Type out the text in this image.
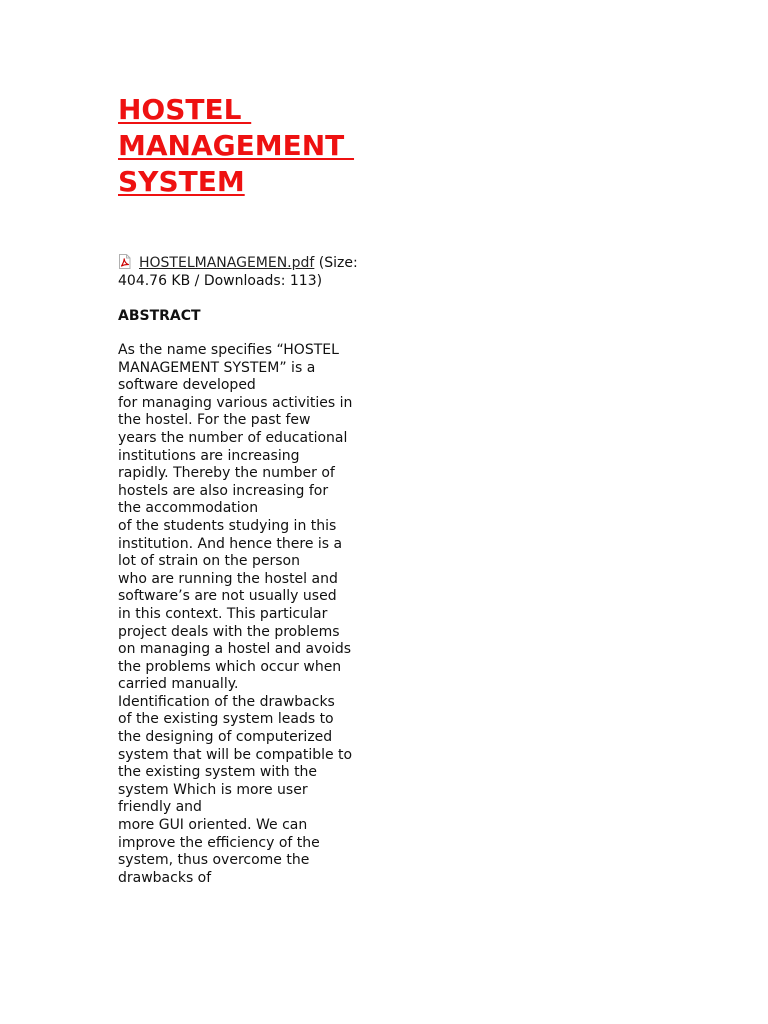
HOSTEL
MANAGEMENT
SYSTEM
HOSTELMANAGEMEN.pdf (Size: 404.76 KB / Downloads: 113)
ABSTRACT
As the name specifies “HOSTEL
MANAGEMENT SYSTEM” is a
software developed
for managing various activities in
the hostel. For the past few
years the number of educational
institutions are increasing
rapidly. Thereby the number of
hostels are also increasing for
the accommodation
of the students studying in this
institution. And hence there is a
lot of strain on the person
who are running the hostel and
software’s are not usually used
in this context. This particular
project deals with the problems
on managing a hostel and avoids
the problems which occur when
carried manually.
Identification of the drawbacks
of the existing system leads to
the designing of computerized
system that will be compatible to
the existing system with the
system Which is more user
friendly and
more GUI oriented. We can
improve the efficiency of the
system, thus overcome the
drawbacks of
